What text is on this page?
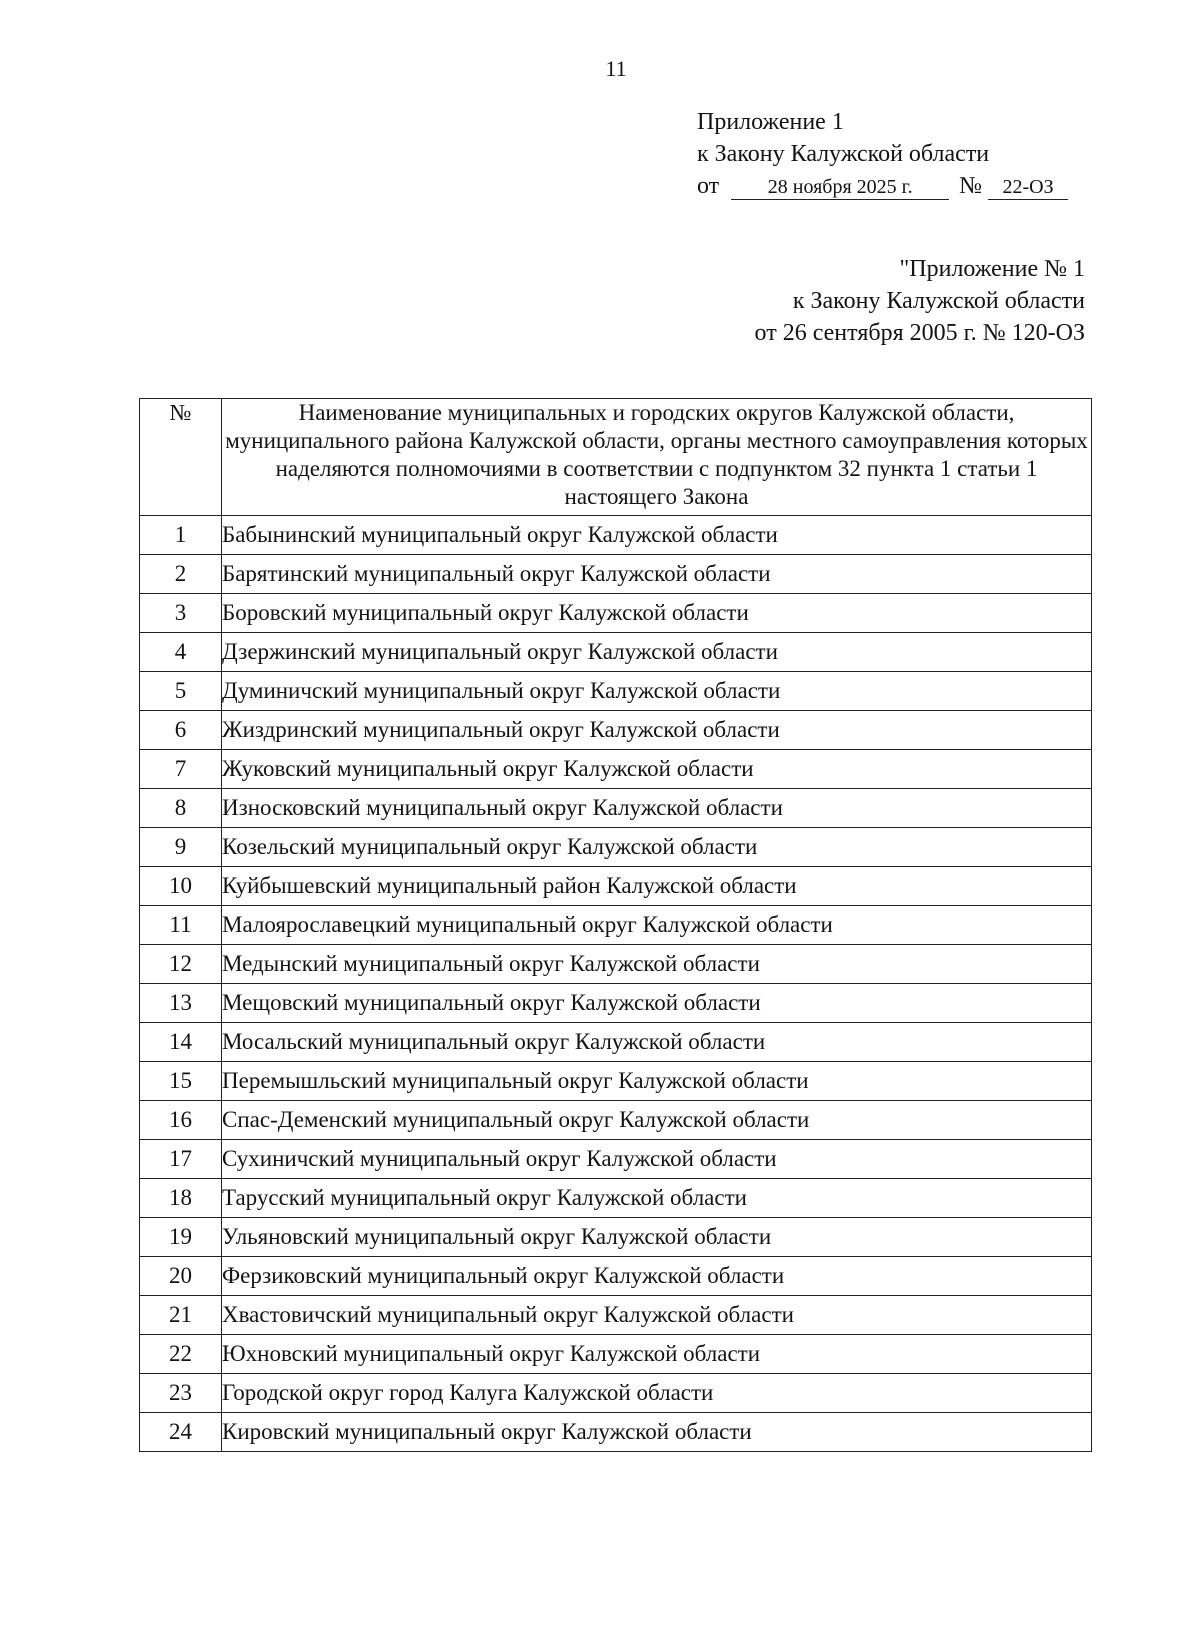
11
Приложение 1
к Закону Калужской области
от 28 ноября 2025 г. № 22-ОЗ
"Приложение № 1
к Закону Калужской области
от 26 сентября 2005 г. № 120-ОЗ
№	Наименование муниципальных и городских округов Калужской области, муниципального района Калужской области, органы местного самоуправления которых наделяются полномочиями в соответствии с подпунктом 32 пункта 1 статьи 1 настоящего Закона
1	Бабынинский муниципальный округ Калужской области
2	Барятинский муниципальный округ Калужской области
3	Боровский муниципальный округ Калужской области
4	Дзержинский муниципальный округ Калужской области
5	Думиничский муниципальный округ Калужской области
6	Жиздринский муниципальный округ Калужской области
7	Жуковский муниципальный округ Калужской области
8	Износковский муниципальный округ Калужской области
9	Козельский муниципальный округ Калужской области
10	Куйбышевский муниципальный район Калужской области
11	Малоярославецкий муниципальный округ Калужской области
12	Медынский муниципальный округ Калужской области
13	Мещовский муниципальный округ Калужской области
14	Мосальский муниципальный округ Калужской области
15	Перемышльский муниципальный округ Калужской области
16	Спас-Деменский муниципальный округ Калужской области
17	Сухиничский муниципальный округ Калужской области
18	Тарусский муниципальный округ Калужской области
19	Ульяновский муниципальный округ Калужской области
20	Ферзиковский муниципальный округ Калужской области
21	Хвастовичский муниципальный округ Калужской области
22	Юхновский муниципальный округ Калужской области
23	Городской округ город Калуга Калужской области
24	Кировский муниципальный округ Калужской области
